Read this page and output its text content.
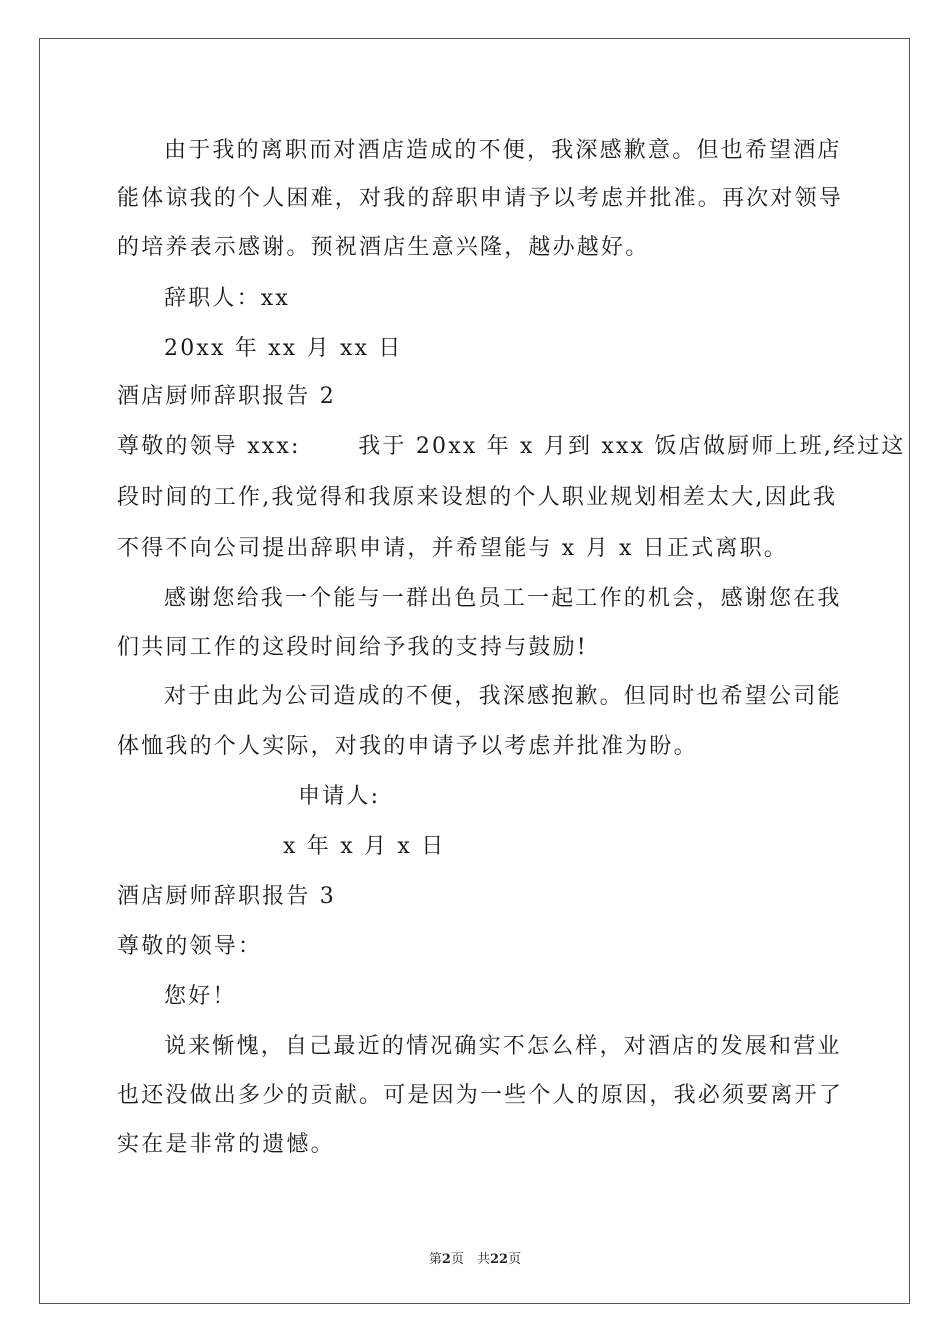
由于我的离职而对酒店造成的不便，我深感歉意。但也希望酒店
能体谅我的个人困难，对我的辞职申请予以考虑并批准。再次对领导
的培养表示感谢。预祝酒店生意兴隆，越办越好。
辞职人：xx
20xx 年 xx 月 xx 日
酒店厨师辞职报告 2
尊敬的领导 xxx:　　 我于 20xx 年 x 月到 xxx 饭店做厨师上班,经过这
段时间的工作,我觉得和我原来设想的个人职业规划相差太大,因此我
不得不向公司提出辞职申请，并希望能与 x 月 x 日正式离职。
感谢您给我一个能与一群出色员工一起工作的机会，感谢您在我
们共同工作的这段时间给予我的支持与鼓励!
对于由此为公司造成的不便，我深感抱歉。但同时也希望公司能
体恤我的个人实际，对我的申请予以考虑并批准为盼。
申请人:
x 年 x 月 x 日
酒店厨师辞职报告 3
尊敬的领导：
您好！
说来惭愧，自己最近的情况确实不怎么样，对酒店的发展和营业
也还没做出多少的贡献。可是因为一些个人的原因，我必须要离开了
实在是非常的遗憾。
第2页　共22页
